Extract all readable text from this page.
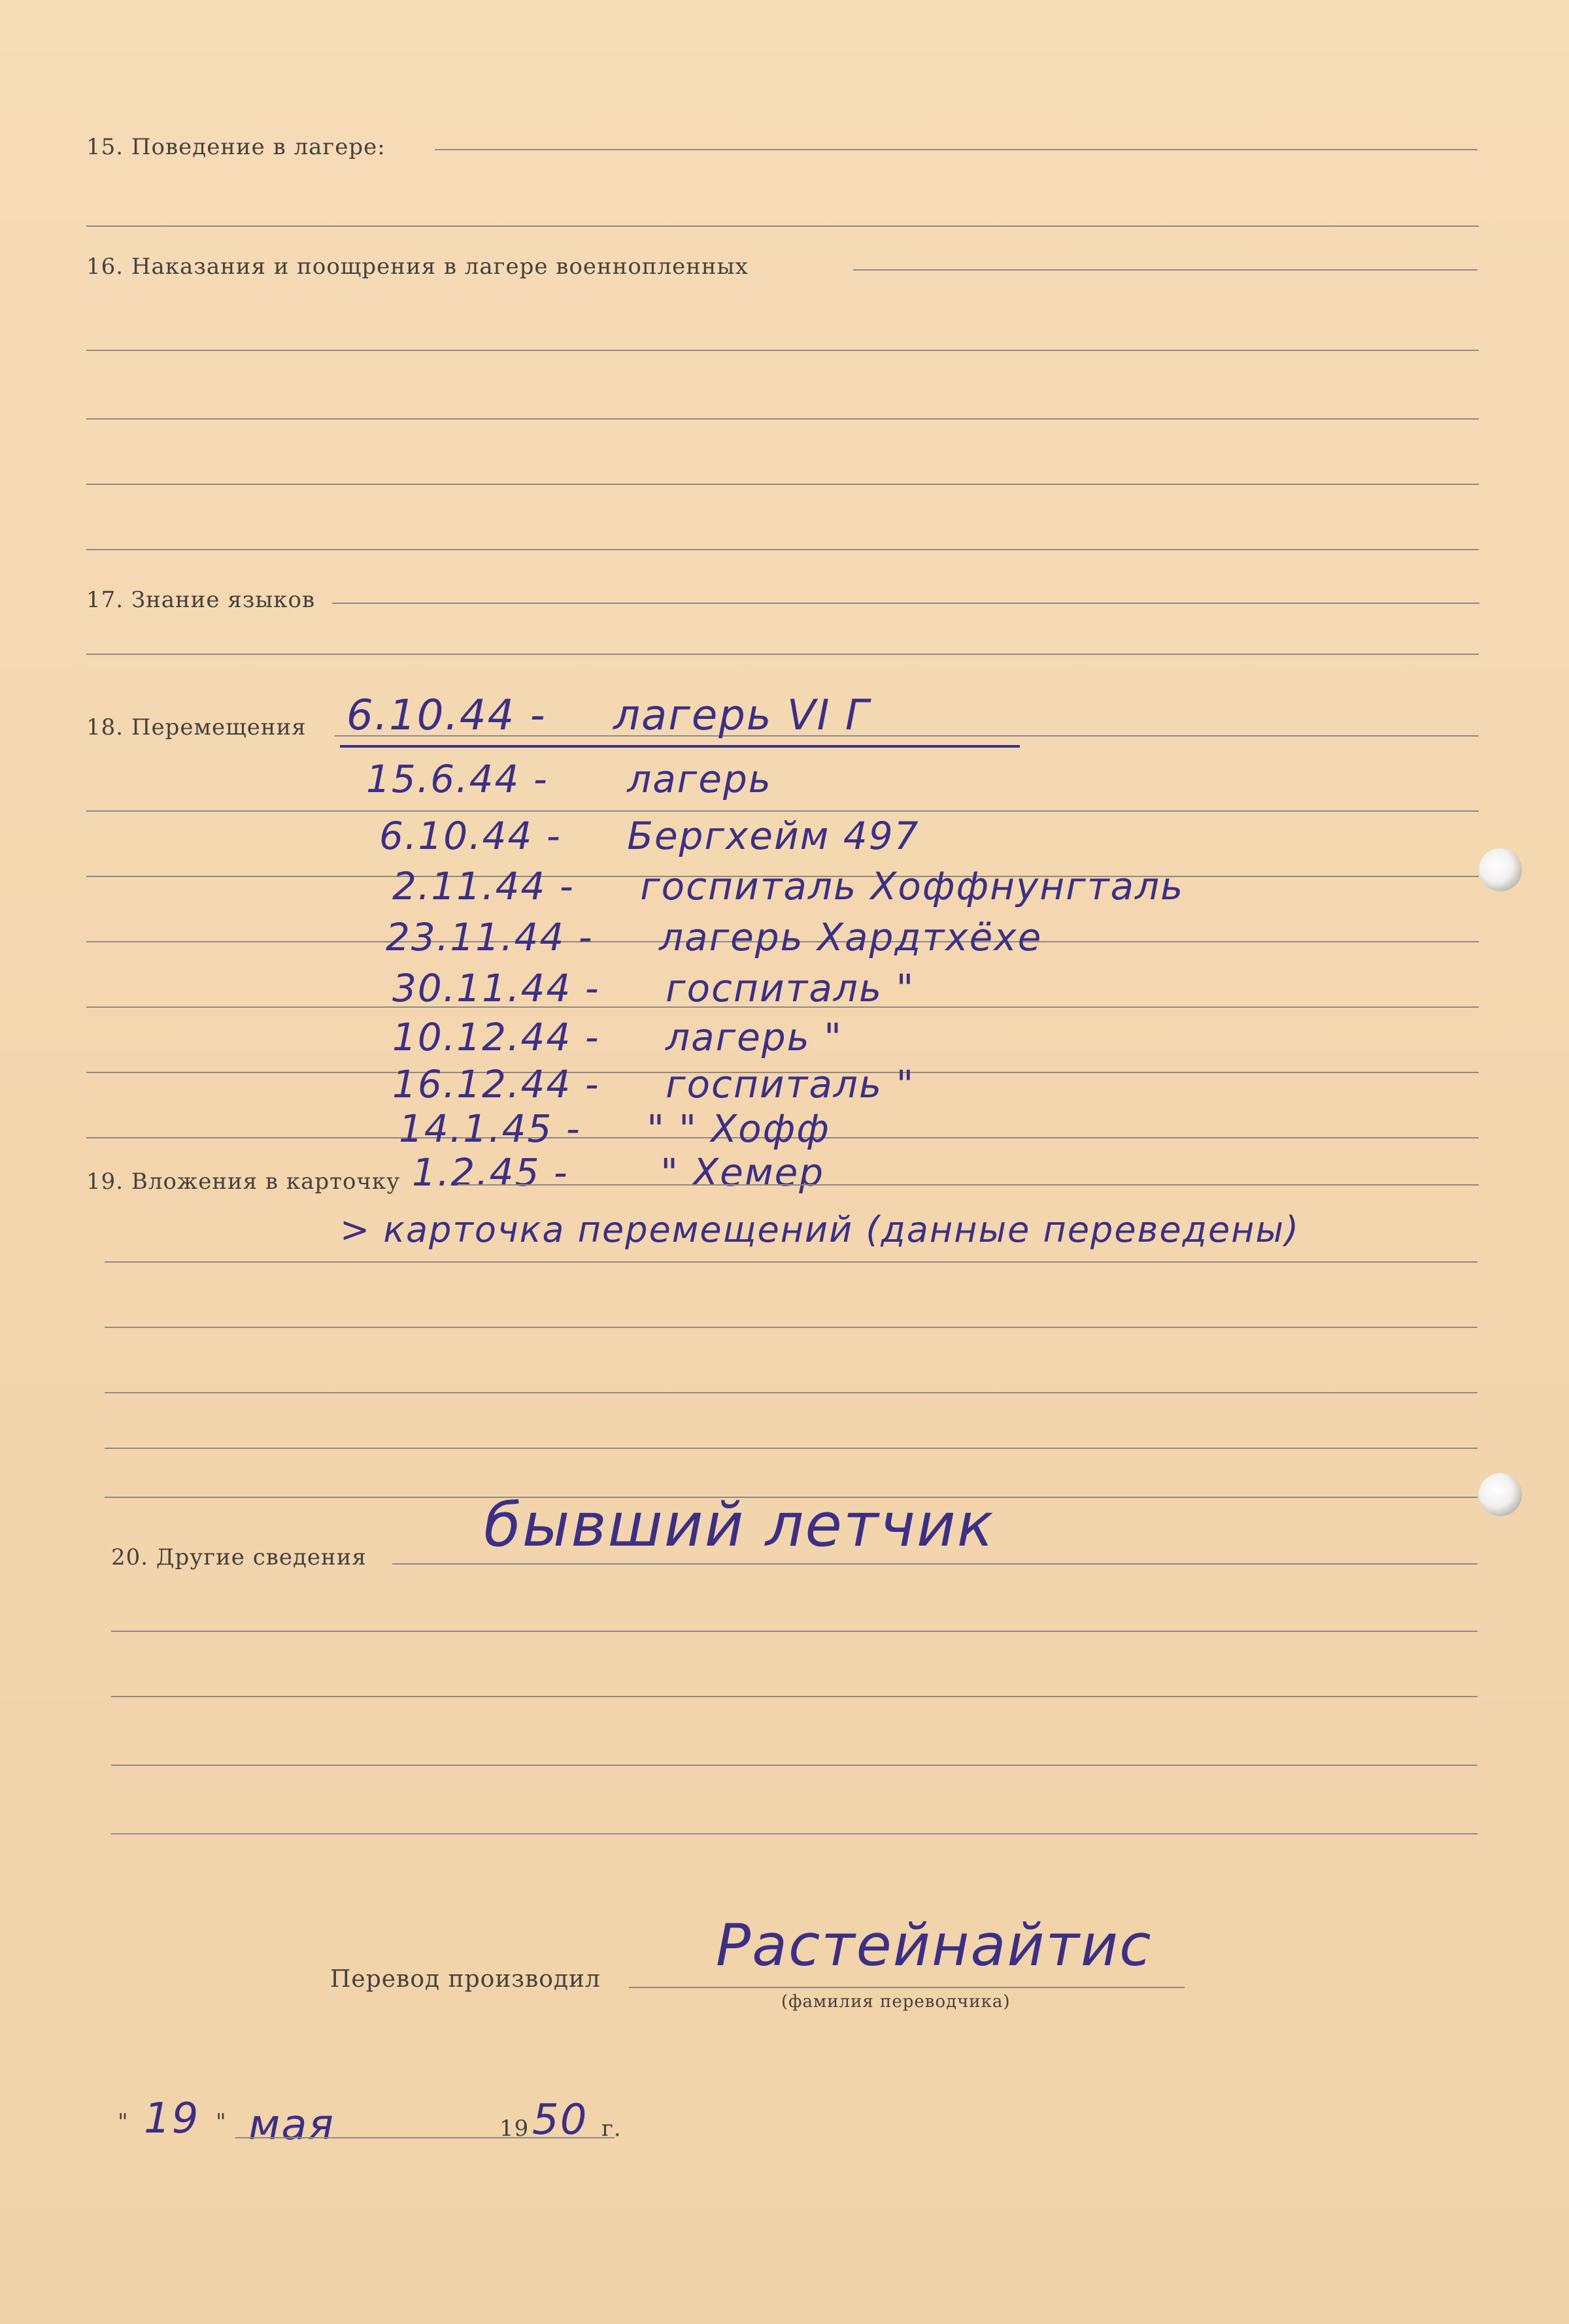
15. Поведение в лагере:
16. Наказания и поощрения в лагере военнопленных
17. Знание языков
18. Перемещения 6.10.44 - лагерь VI Г
15.6.44 - лагерь
6.10.44 - Бергхейм 497
2.11.44 - госпиталь Хоффнунгталь
23.11.44 - лагерь Хардтхёхе
30.11.44 - госпиталь "
10.12.44 - лагерь "
16.12.44 - госпиталь "
14.1.45 - " " Хофф
1.2.45 - " Хемер
19. Вложения в карточку
> карточка перемещений (данные переведены)
20. Другие сведения бывший летчик
Перевод производил
Растейнайтис
(фамилия переводчика)
" 19 " мая	19 50 г.
